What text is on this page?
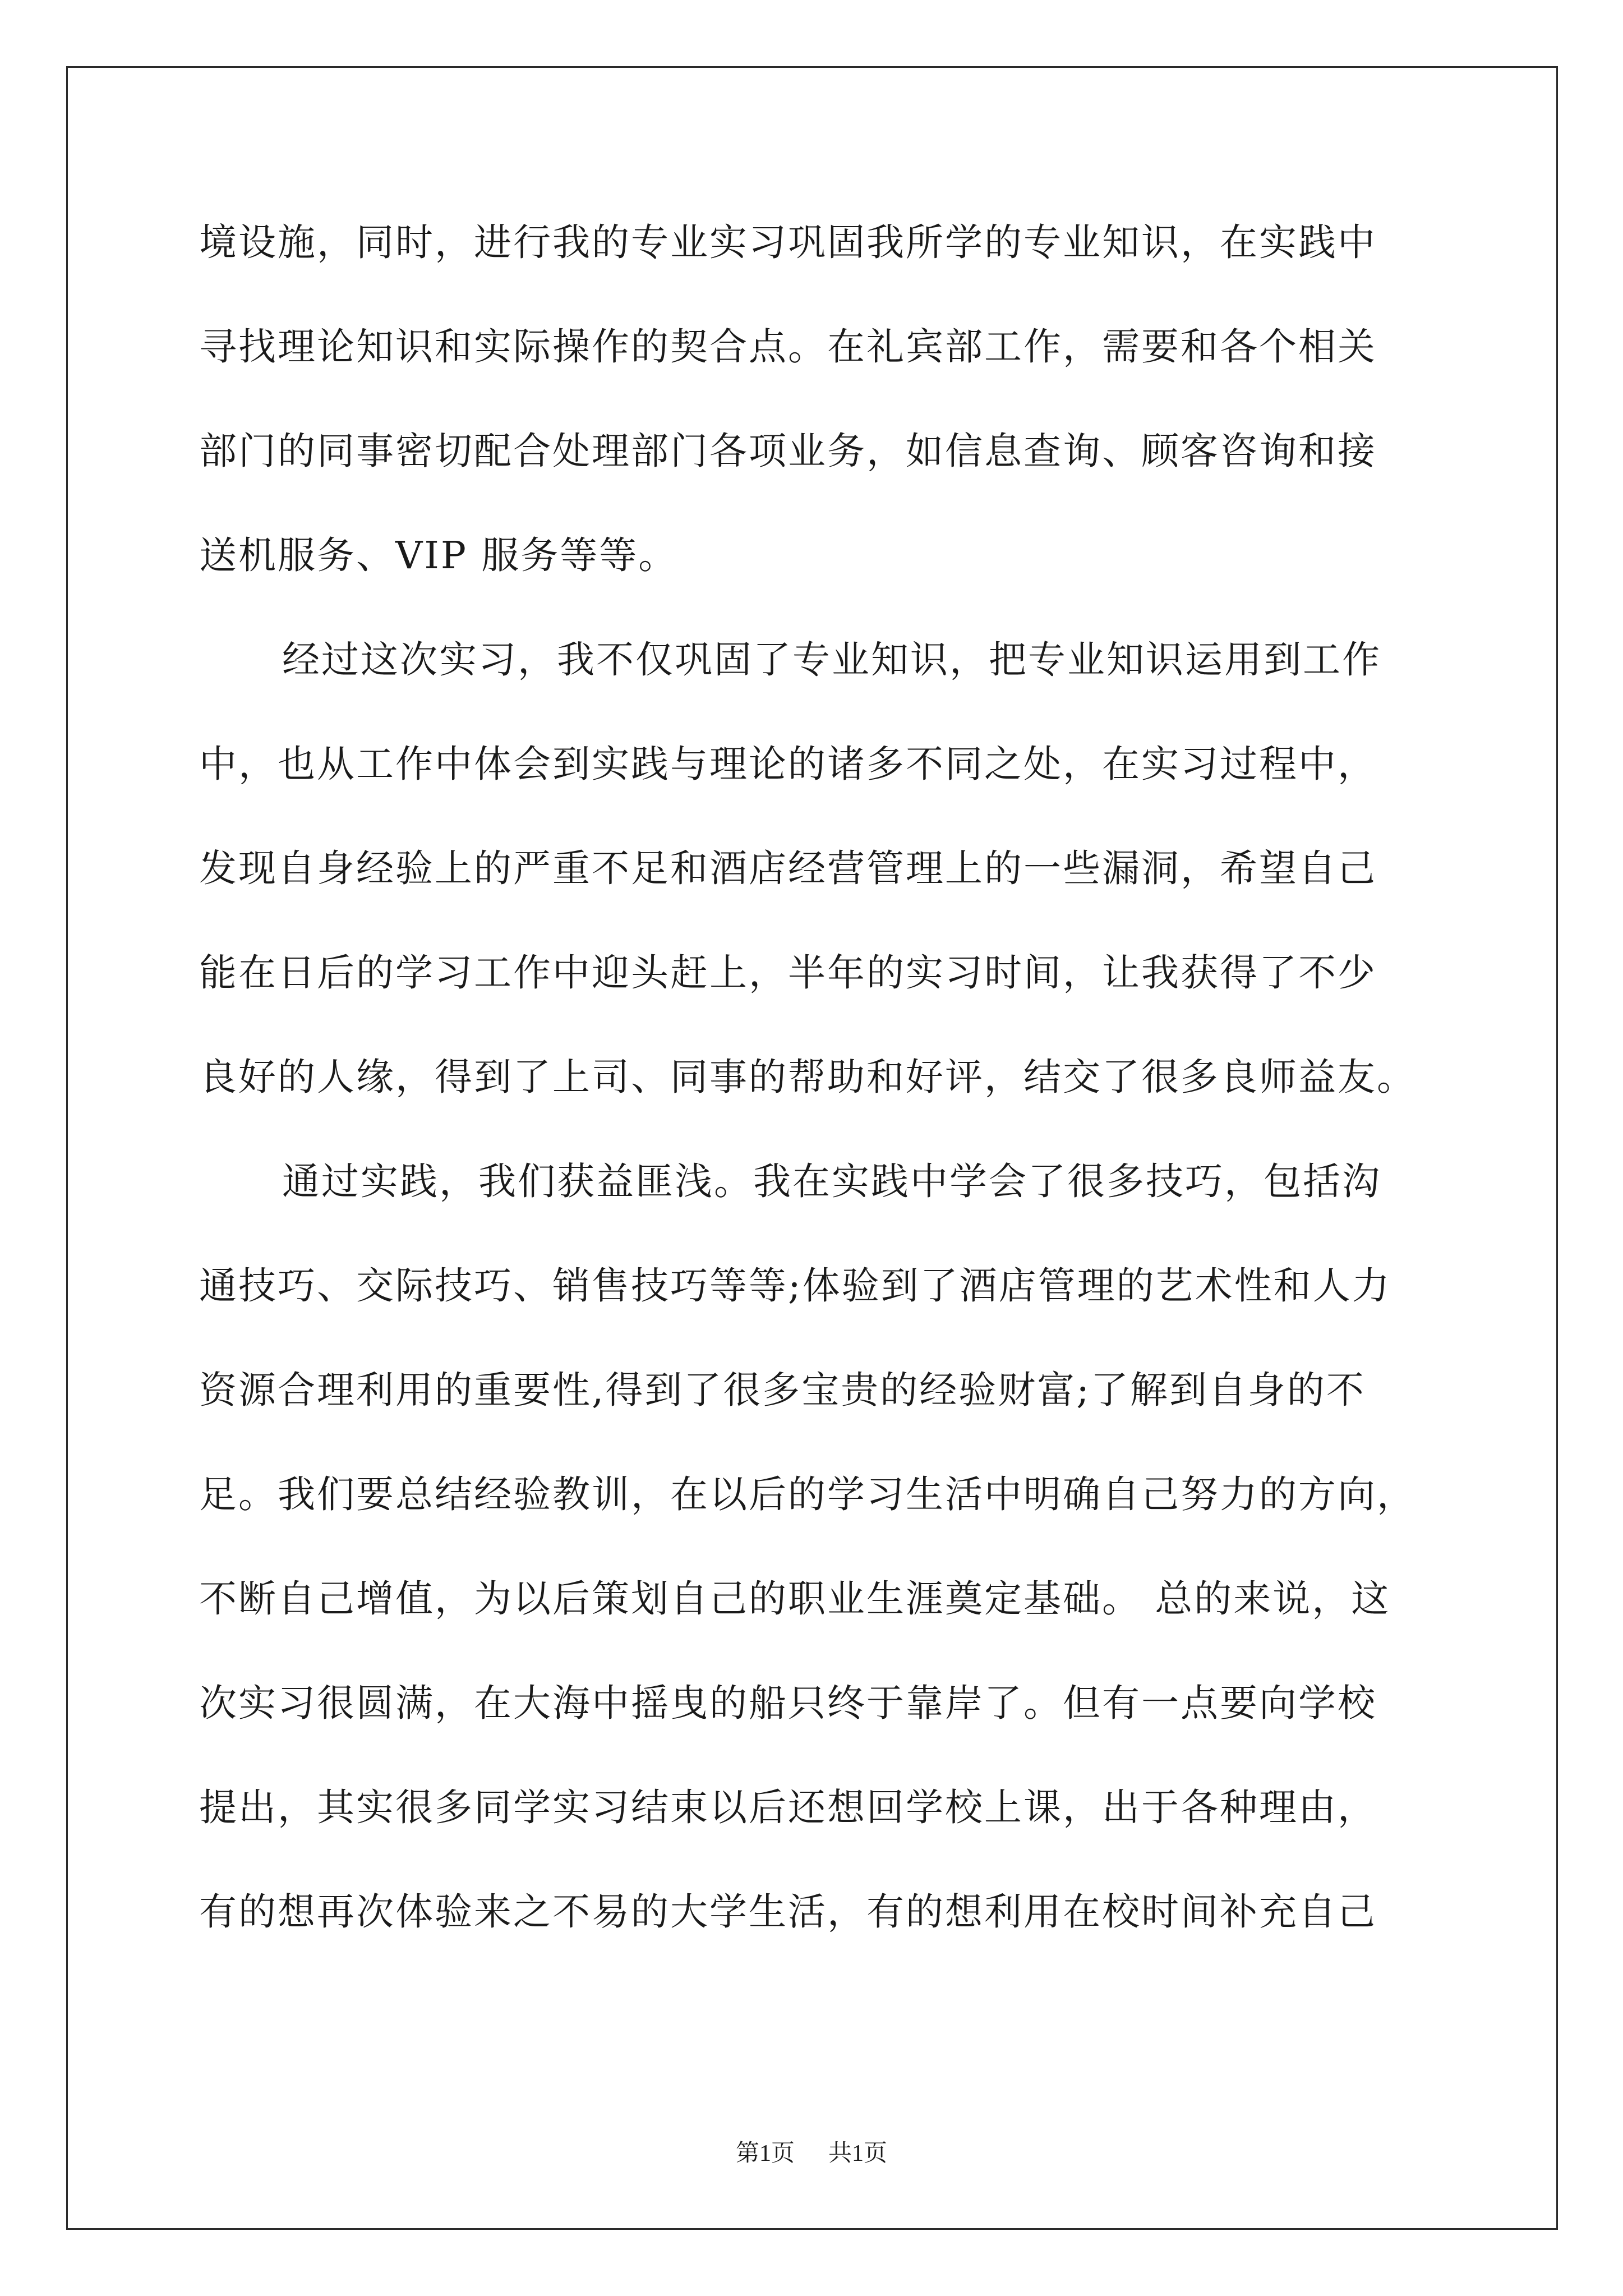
境设施，同时，进行我的专业实习巩固我所学的专业知识，在实践中
寻找理论知识和实际操作的契合点。在礼宾部工作，需要和各个相关
部门的同事密切配合处理部门各项业务，如信息查询、顾客咨询和接
送机服务、VIP 服务等等。
经过这次实习，我不仅巩固了专业知识，把专业知识运用到工作
中，也从工作中体会到实践与理论的诸多不同之处，在实习过程中，
发现自身经验上的严重不足和酒店经营管理上的一些漏洞，希望自己
能在日后的学习工作中迎头赶上，半年的实习时间，让我获得了不少
良好的人缘，得到了上司、同事的帮助和好评，结交了很多良师益友。
通过实践，我们获益匪浅。我在实践中学会了很多技巧，包括沟
通技巧、交际技巧、销售技巧等等;体验到了酒店管理的艺术性和人力
资源合理利用的重要性,得到了很多宝贵的经验财富;了解到自身的不
足。我们要总结经验教训，在以后的学习生活中明确自己努力的方向，
不断自己增值，为以后策划自己的职业生涯奠定基础。 总的来说，这
次实习很圆满，在大海中摇曳的船只终于靠岸了。但有一点要向学校
提出，其实很多同学实习结束以后还想回学校上课，出于各种理由，
有的想再次体验来之不易的大学生活，有的想利用在校时间补充自己
第1页 共1页
